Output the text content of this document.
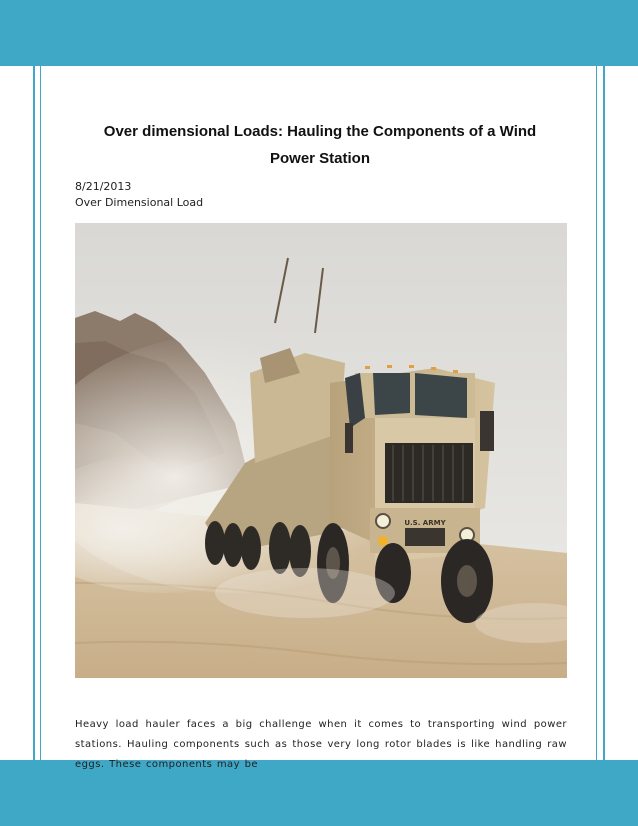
Over dimensional Loads: Hauling the Components of a Wind
Power Station
8/21/2013
Over Dimensional Load
U.S. ARMY

Heavy load hauler faces a big challenge when it comes to transporting wind power stations. Hauling components such as those very long rotor blades is like handling raw eggs. These components may be
